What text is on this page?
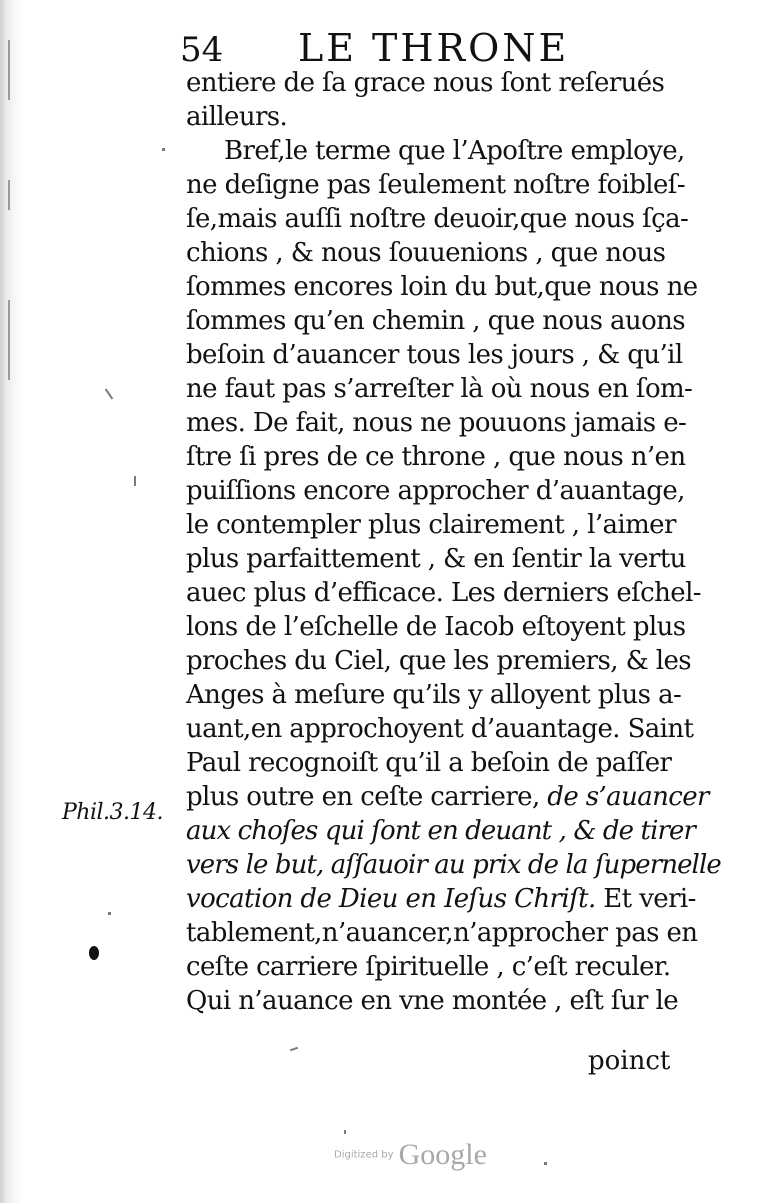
54 LE THRONE
entiere de ſa grace nous ſont reſerués
ailleurs.
Bref,le terme que l’Apoſtre employe,
ne deſigne pas ſeulement noſtre foibleſ-
ſe,mais auſſi noſtre deuoir,que nous ſça-
chions , & nous ſouuenions , que nous
ſommes encores loin du but,que nous ne
ſommes qu’en chemin , que nous auons
beſoin d’auancer tous les jours , & qu’il
ne faut pas s’arreſter là où nous en ſom-
mes. De fait, nous ne pouuons jamais e-
ſtre ſi pres de ce throne , que nous n’en
puiſſions encore approcher d’auantage,
le contempler plus clairement , l’aimer
plus parfaittement , & en ſentir la vertu
auec plus d’efficace. Les derniers eſchel-
lons de l’eſchelle de Iacob eſtoyent plus
proches du Ciel, que les premiers, & les
Anges à meſure qu’ils y alloyent plus a-
uant,en approchoyent d’auantage. Saint
Paul recognoiſt qu’il a beſoin de paſſer
plus outre en ceſte carriere, de s’auancer
aux choſes qui ſont en deuant , & de tirer
vers le but, aſſauoir au prix de la ſupernelle
vocation de Dieu en Ieſus Chriſt. Et veri-
tablement,n’auancer,n’approcher pas en
ceſte carriere ſpirituelle , c’eſt reculer.
Qui n’auance en vne montée , eſt ſur le
Phil.3.14.
poinct
Digitized by Google
